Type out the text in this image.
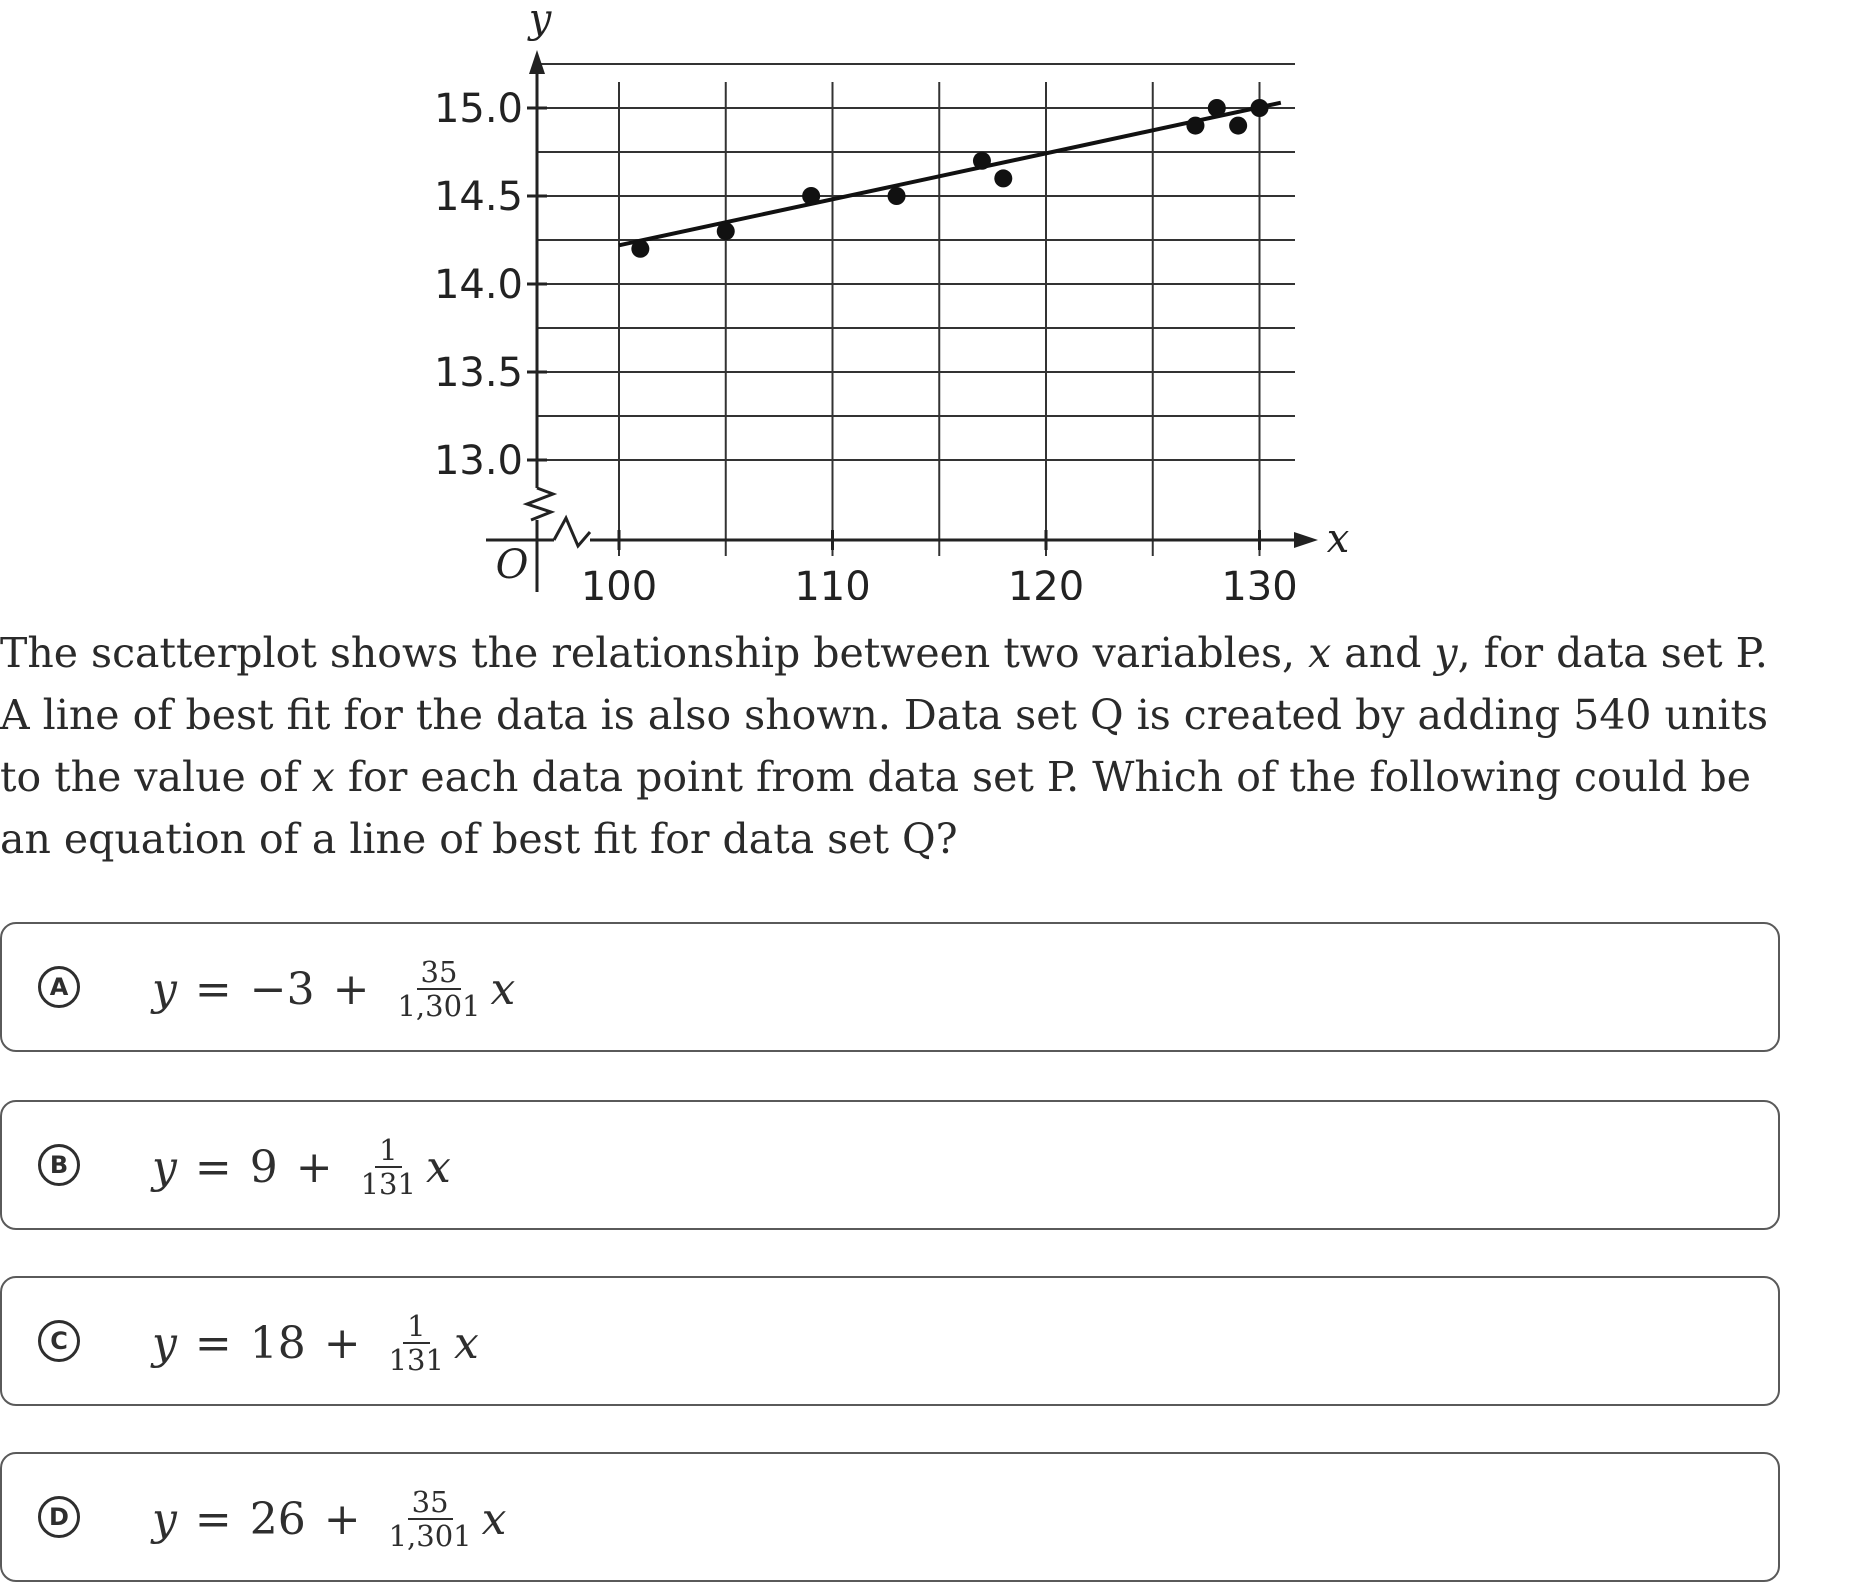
y
x
O
13.0
13.5
14.0
14.5
15.0
100	110	120	130

The scatterplot shows the relationship between two variables, x and y, for data set P. A line of best fit for the data is also shown. Data set Q is created by adding 540 units to the value of x for each data point from data set P. Which of the following could be an equation of a line of best fit for data set Q?

A $y = -3 + \frac{35}{1,301}$ x
B $y = 9 + \frac{1}{131}$ x
C $y = 18 + \frac{1}{131}$ x
D $y = 26 + \frac{35}{1,301}$ x
